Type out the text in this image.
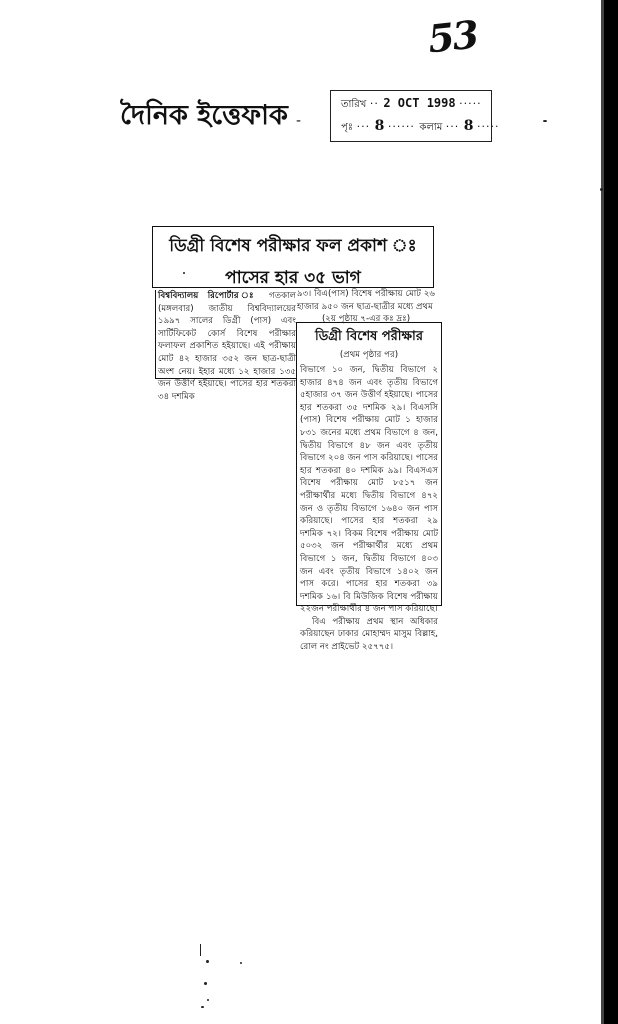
53
দৈনিক ইত্তেফাক ‑
তারিখ ·· 2 OCT 1998 ·····
পৃঃ ··· 8 ······ কলাম ··· 8 ·····
ডিগ্রী বিশেষ পরীক্ষার ফল প্রকাশ ঃ
পাসের হার ৩৫ ভাগ

বিশ্ববিদ্যালয় রিপোর্টার ঃ গতকাল (মঙ্গলবার) জাতীয় বিশ্ববিদ্যালয়ের ১৯৯৭ সালের ডিগ্রী (পাস) এবং সার্টিফিকেট কোর্স বিশেষ পরীক্ষার ফলাফল প্রকাশিত হইয়াছে। এই পরীক্ষায় মোট ৪২ হাজার ৩৫২ জন ছাত্র-ছাত্রী অংশ নেয়। ইহার মধ্যে ১২ হাজার ১৩৫ জন উত্তীর্ণ হইয়াছে। পাসের হার শতকরা ৩৪ দশমিক

৯৩। বিএ(পাস) বিশেষ পরীক্ষায় মোট ২৬ হাজার ৯৫০ জন ছাত্র-ছাত্রীর মধ্যে প্রথম

(২য় পৃষ্ঠায় ৭-এর কঃ দ্রঃ)

ডিগ্রী বিশেষ পরীক্ষার
(প্রথম পৃষ্ঠার পর)
বিভাগে ১০ জন, দ্বিতীয় বিভাগে ২ হাজার ৪৭৪ জন এবং তৃতীয় বিভাগে ৫হাজার ৩৭ জন উত্তীর্ণ হইয়াছে। পাসের হার শতকরা ৩৫ দশমিক ২৯। বিএসসি (পাস) বিশেষ পরীক্ষায় মোট ১ হাজার ৮৩১ জনের মধ্যে প্রথম বিভাগে ৪ জন, দ্বিতীয় বিভাগে ৪৮ জন এবং তৃতীয় বিভাগে ২০৪ জন পাস করিয়াছে। পাসের হার শতকরা ৪০ দশমিক ৯৯। বিএসএস বিশেষ পরীক্ষায় মোট ৮৫১৭ জন পরীক্ষার্থীর মধ্যে দ্বিতীয় বিভাগে ৪৭২ জন ও তৃতীয় বিভাগে ১৬৪০ জন পাস করিয়াছে। পাসের হার শতকরা ২৯ দশমিক ৭২। বিকম বিশেষ পরীক্ষায় মোট ৫০৩২ জন পরীক্ষার্থীর মধ্যে প্রথম বিভাগে ১ জন, দ্বিতীয় বিভাগে ৪০৩ জন এবং তৃতীয় বিভাগে ১৪০২ জন পাস করে। পাসের হার শতকরা ৩৯ দশমিক ১৬। বি মিউজিক বিশেষ পরীক্ষায় ২২জন পরীক্ষার্থীর ৪ জন পাস করিয়াছে।
বিএ পরীক্ষায় প্রথম স্থান অধিকার করিয়াছেন ঢাকার মোহাম্মদ মাসুম বিল্লাহ, রোল নং প্রাইভেট ২৫৭৭৫।
